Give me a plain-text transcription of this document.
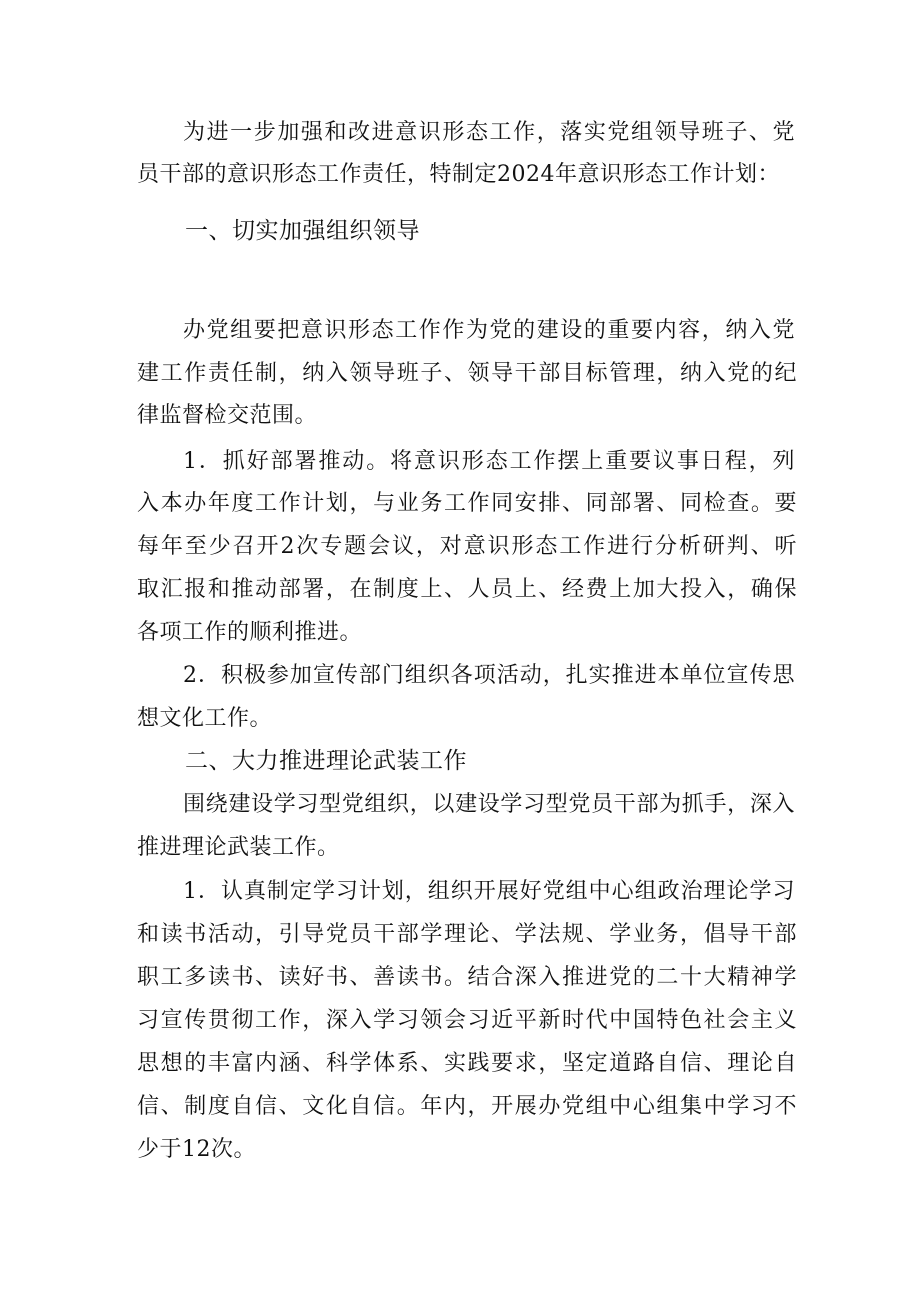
为进一步加强和改进意识形态工作，落实党组领导班子、党
员干部的意识形态工作责任，特制定2024年意识形态工作计划：
一、切实加强组织领导
办党组要把意识形态工作作为党的建设的重要内容，纳入党
建工作责任制，纳入领导班子、领导干部目标管理，纳入党的纪
律监督检交范围。
1．抓好部署推动。将意识形态工作摆上重要议事日程，列
入本办年度工作计划，与业务工作同安排、同部署、同检查。要
每年至少召开2次专题会议，对意识形态工作进行分析研判、听
取汇报和推动部署，在制度上、人员上、经费上加大投入，确保
各项工作的顺利推进。
2．积极参加宣传部门组织各项活动，扎实推进本单位宣传思
想文化工作。
二、大力推进理论武装工作
围绕建设学习型党组织，以建设学习型党员干部为抓手，深入
推进理论武装工作。
1．认真制定学习计划，组织开展好党组中心组政治理论学习
和读书活动，引导党员干部学理论、学法规、学业务，倡导干部
职工多读书、读好书、善读书。结合深入推进党的二十大精神学
习宣传贯彻工作，深入学习领会习近平新时代中国特色社会主义
思想的丰富内涵、科学体系、实践要求，坚定道路自信、理论自
信、制度自信、文化自信。年内，开展办党组中心组集中学习不
少于12次。
